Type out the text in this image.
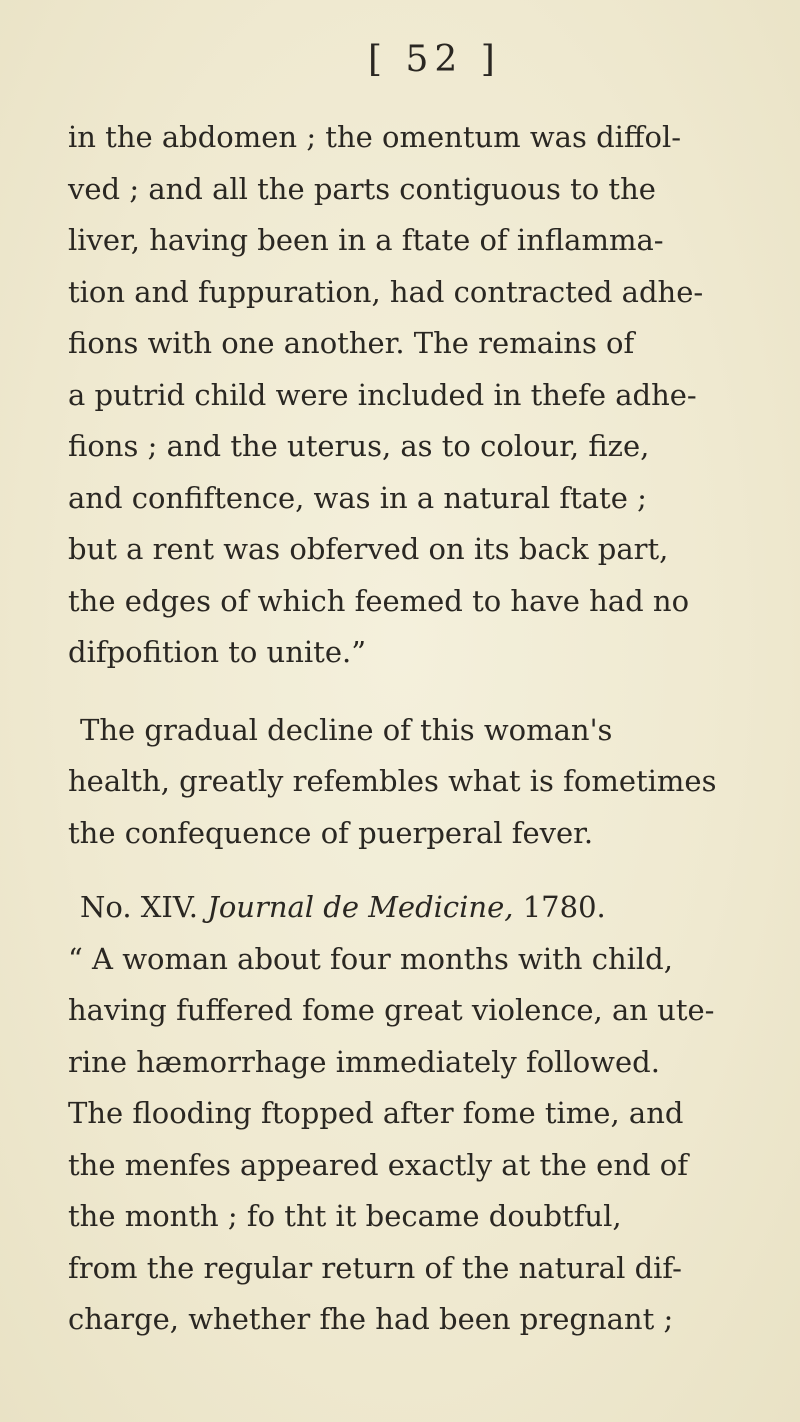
[ 52 ]
in the abdomen ; the omentum was diffol-
ved ; and all the parts contiguous to the
liver, having been in a ftate of inflamma-
tion and fuppuration, had contracted adhe-
fions with one another. The remains of
a putrid child were included in thefe adhe-
fions ; and the uterus, as to colour, fize,
and confiftence, was in a natural ftate ;
but a rent was obferved on its back part,
the edges of which feemed to have had no
difpofition to unite.”
The gradual decline of this woman's
health, greatly refembles what is fometimes
the confequence of puerperal fever.
No. XIV. Journal de Medicine, 1780.
“ A woman about four months with child,
having fuffered fome great violence, an ute-
rine hæmorrhage immediately followed.
The flooding ftopped after fome time, and
the menfes appeared exactly at the end of
the month ; fo tht it became doubtful,
from the regular return of the natural dif-
charge, whether fhe had been pregnant ;
